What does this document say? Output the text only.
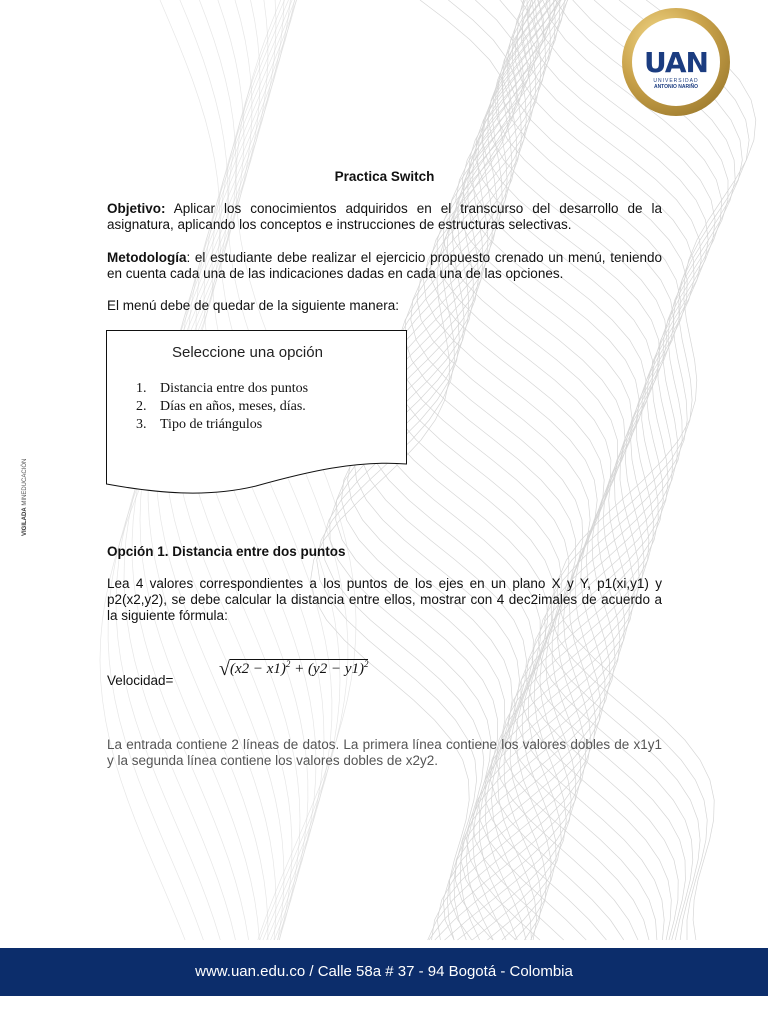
UAN
UNIVERSIDAD
ANTONIO NARIÑO
VIGILADA MINEDUCACIÓN
Practica Switch
Objetivo: Aplicar los conocimientos adquiridos en el transcurso del desarrollo de la asignatura, aplicando los conceptos e instrucciones de estructuras selectivas.
Metodología: el estudiante debe realizar el ejercicio propuesto crenado un menú, teniendo en cuenta cada una de las indicaciones dadas en cada una de las opciones.
El menú debe de quedar de la siguiente manera:
Seleccione una opción
1. Distancia entre dos puntos
2. Días en años, meses, días.
3. Tipo de triángulos
Opción 1. Distancia entre dos puntos
Lea 4 valores correspondientes a los puntos de los ejes en un plano X y Y, p1(xi,y1) y p2(x2,y2), se debe calcular la distancia entre ellos, mostrar con 4 dec2imales de acuerdo a la siguiente fórmula:
Velocidad=
$√(x2 - x1)^2 + (y2 - y1)^2$
La entrada contiene 2 líneas de datos. La primera línea contiene los valores dobles de x1y1 y la segunda línea contiene los valores dobles de x2y2.
www.uan.edu.co / Calle 58a # 37 - 94 Bogotá - Colombia
